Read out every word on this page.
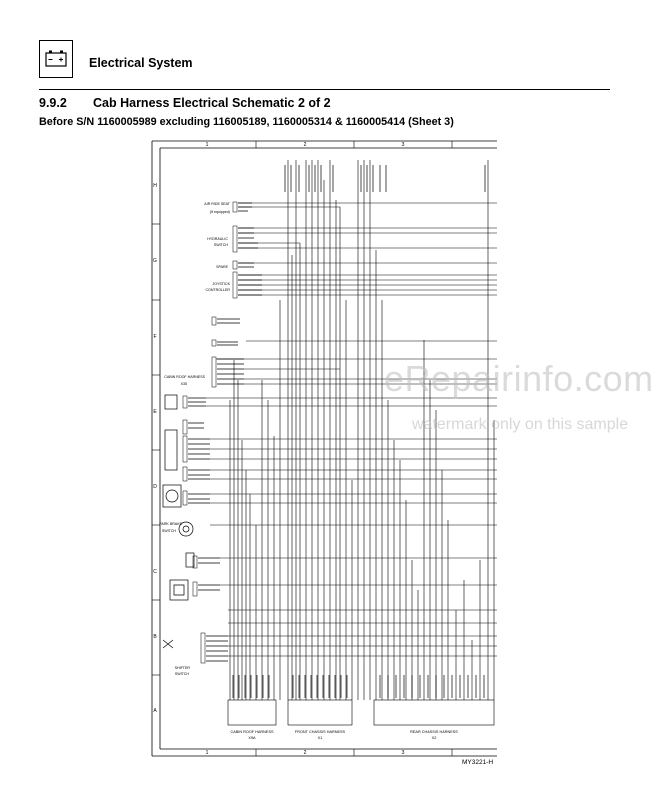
Electrical System
9.9.2 Cab Harness Electrical Schematic 2 of 2
Before S/N 1160005989 excluding 116005189, 1160005314 & 1160005414 (Sheet 3)
1	2	3
1	2	3
H
G
F
E
D
C
B
A
AIR RIDE SEAT
(If equipped)
HYDRAULIC
SWITCH
SPARE
JOYSTICK
CONTROLLER
CABIN ROOF HARNESS
X35
PARK BRAKE
SWITCH
SHIFTER
SWITCH
CABIN ROOF HARNESS
X9A
FRONT CHASSIS HARNESS
X1
REAR CHASSIS HARNESS
X2
eRepairinfo.com
watermark only on this sample
MY3221-H
